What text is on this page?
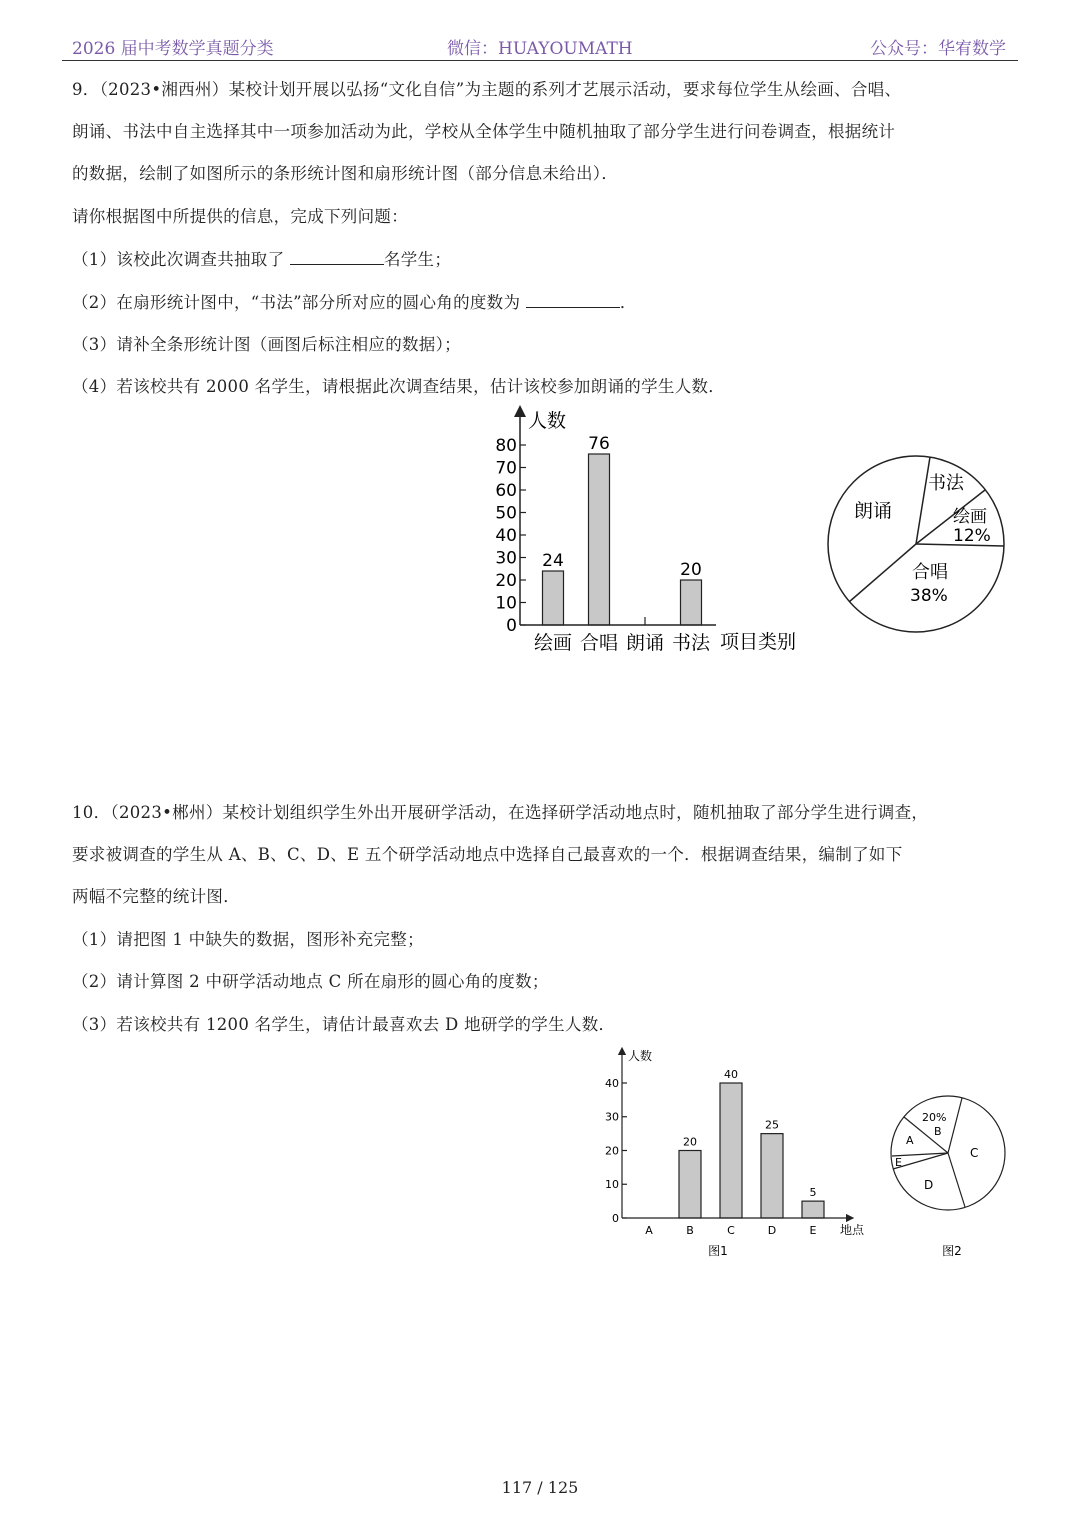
2026 届中考数学真题分类	微信：HUAYOUMATH	公众号：华宥数学
9．（2023•湘西州）某校计划开展以弘扬“文化自信”为主题的系列才艺展示活动，要求每位学生从绘画、合唱、
朗诵、书法中自主选择其中一项参加活动为此，学校从全体学生中随机抽取了部分学生进行问卷调查，根据统计
的数据，绘制了如图所示的条形统计图和扇形统计图（部分信息未给出）．
请你根据图中所提供的信息，完成下列问题：
（1）该校此次调查共抽取了	名学生；
（2）在扇形统计图中，“书法”部分所对应的圆心角的度数为	．
（3）请补全条形统计图（画图后标注相应的数据）；
（4）若该校共有 2000 名学生，请根据此次调查结果，估计该校参加朗诵的学生人数．
0
10
20
30
40
50
60
70
80
绘画
24
合唱
76
朗诵 书法
20
人数
项目类别
朗诵
书法
绘画
12%
合唱
38%
10．（2023•郴州）某校计划组织学生外出开展研学活动，在选择研学活动地点时，随机抽取了部分学生进行调查，
要求被调查的学生从 A、B、C、D、E 五个研学活动地点中选择自己最喜欢的一个．根据调查结果，编制了如下
两幅不完整的统计图．
（1）请把图 1 中缺失的数据，图形补充完整；
（2）请计算图 2 中研学活动地点 C 所在扇形的圆心角的度数；
（3）若该校共有 1200 名学生，请估计最喜欢去 D 地研学的学生人数．
0
10
20
30
40
A	B
20
C
40
D
25
E
5
人数
地点
图1
20%
B
C
D
E
A
图2
117 / 125
